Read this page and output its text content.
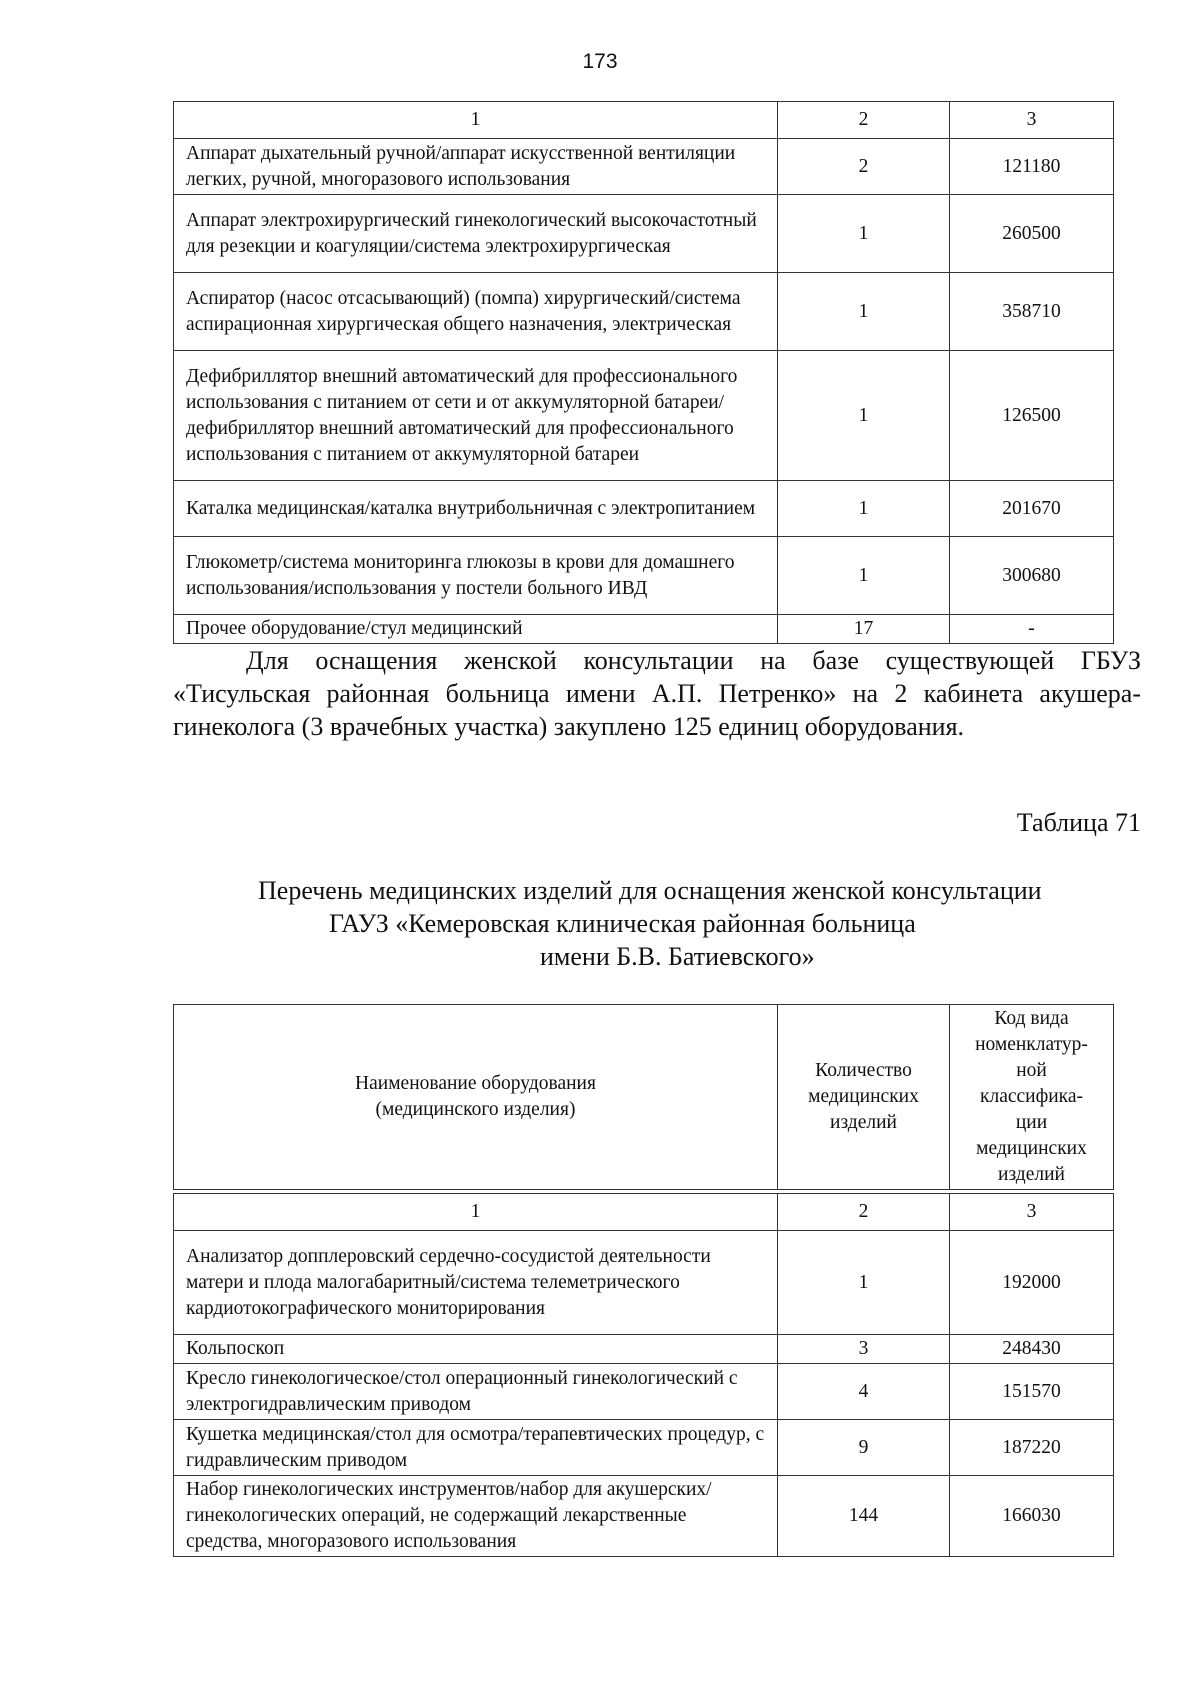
173
1	2	3
Аппарат дыхательный ручной/аппарат искусственной вентиляции легких, ручной, многоразового использования	2	121180
Аппарат электрохирургический гинекологический высокочастотный для резекции и коагуляции/система электрохирургическая	1	260500
Аспиратор (насос отсасывающий) (помпа) хирургический/система аспирационная хирургическая общего назначения, электрическая	1	358710
Дефибриллятор внешний автоматический для профессионального использования с питанием от сети и от аккумуляторной батареи/дефибриллятор внешний автоматический для профессионального использования с питанием от аккумуляторной батареи	1	126500
Каталка медицинская/каталка внутрибольничная с электропитанием	1	201670
Глюкометр/система мониторинга глюкозы в крови для домашнего использования/использования у постели больного ИВД	1	300680
Прочее оборудование/стул медицинский	17	-

Для оснащения женской консультации на базе существующей ГБУЗ «Тисульская районная больница имени А.П. Петренко» на 2 кабинета акушера-гинеколога (3 врачебных участка) закуплено 125 единиц оборудования.

Таблица 71
Перечень медицинских изделий для оснащения женской консультации
ГАУЗ «Кемеровская клиническая районная больница
имени Б.В. Батиевского»
Наименование оборудования (медицинского изделия)	Количество медицинских изделий	Код вида номенклатур-ной классифика-ции медицинских изделий
1	2	3
Анализатор допплеровский сердечно-сосудистой деятельности матери и плода малогабаритный/система телеметрического кардиотокографического мониторирования	1	192000
Кольпоскоп	3	248430
Кресло гинекологическое/стол операционный гинекологический с электрогидравлическим приводом	4	151570
Кушетка медицинская/стол для осмотра/терапевтических процедур, с гидравлическим приводом	9	187220
Набор гинекологических инструментов/набор для акушерских/гинекологических операций, не содержащий лекарственные средства, многоразового использования	144	166030
